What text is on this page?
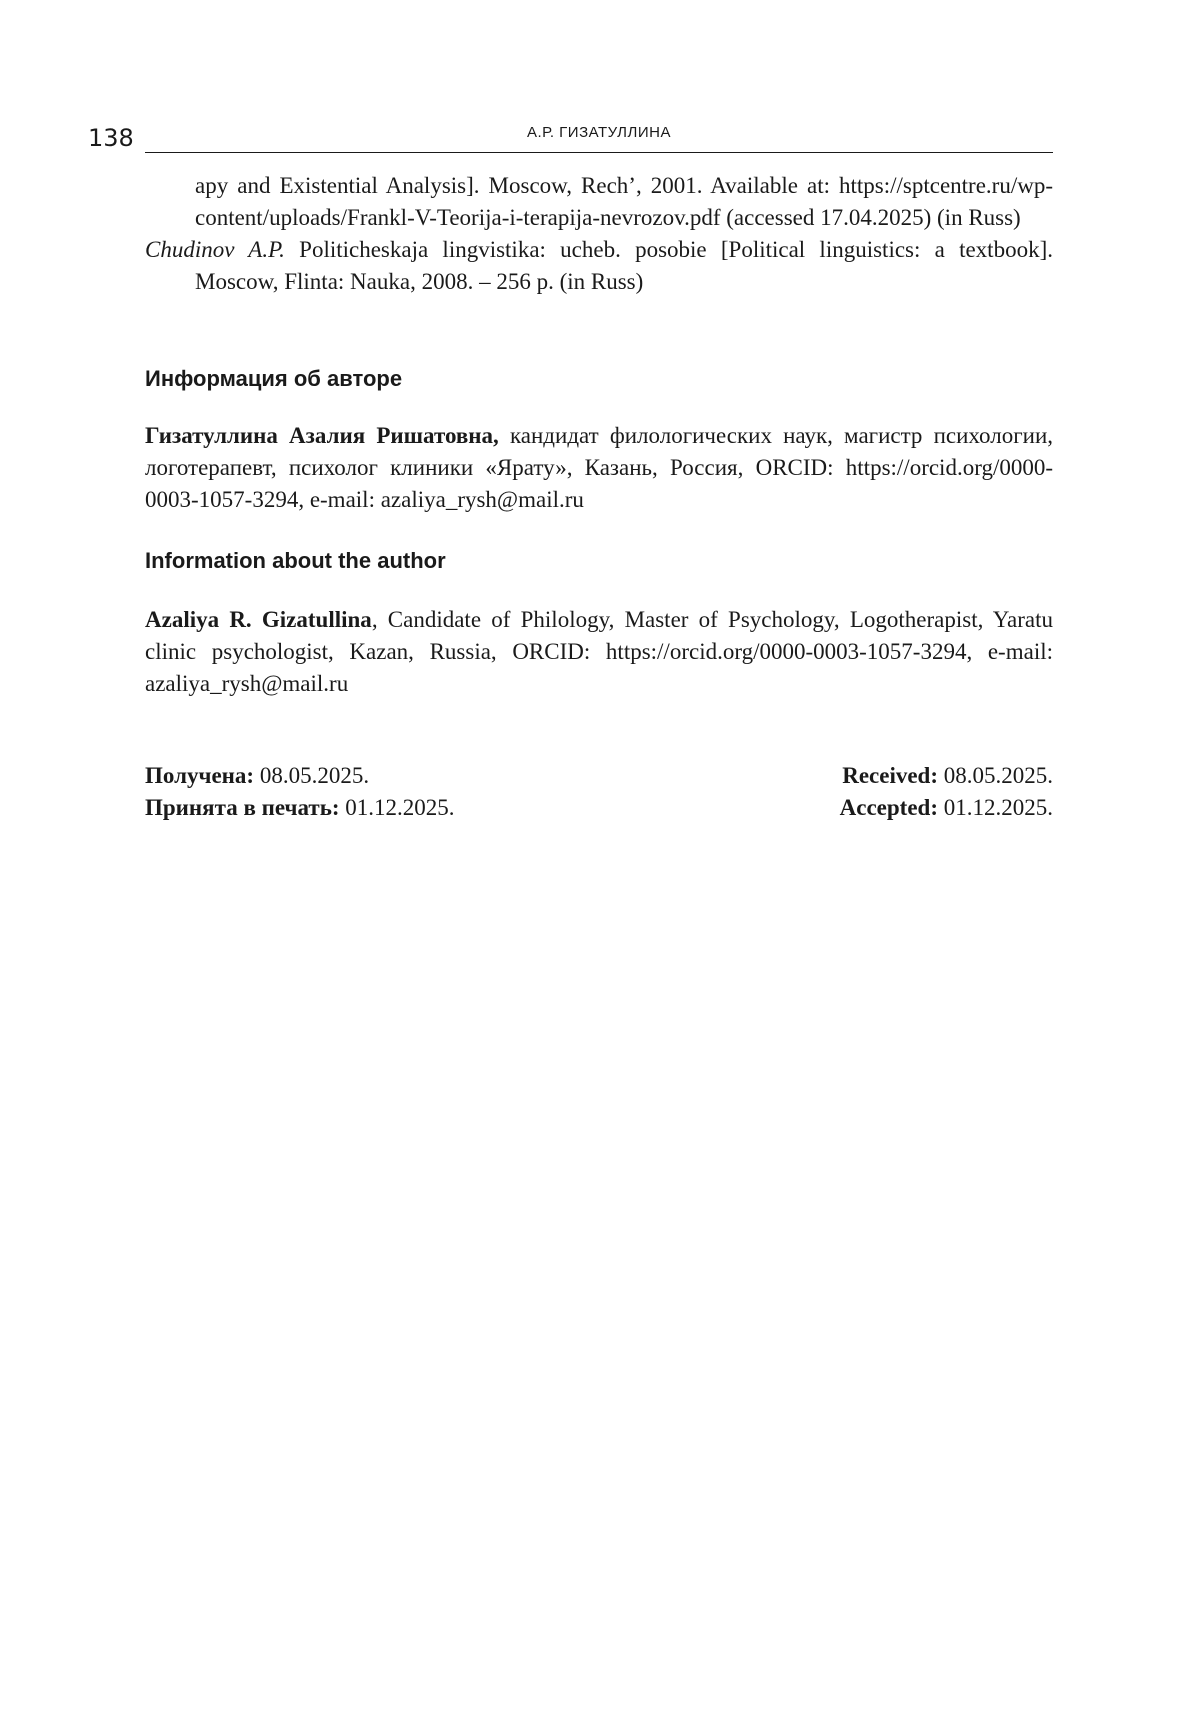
138	А.Р. ГИЗАТУЛЛИНА

apy and Existential Analysis]. Moscow, Rech’, 2001. Available at: https://sptcentre.ru/wp-content/uploads/Frankl-V-Teorija-i-terapija-nevrozov.pdf (accessed 17.04.2025) (in Russ)

Chudinov A.P. Politicheskaja lingvistika: ucheb. posobie [Political linguistics: a textbook]. Moscow, Flinta: Nauka, 2008. – 256 p. (in Russ)

Информация об авторе

Гизатуллина Азалия Ришатовна, кандидат филологических наук, магистр психологии, логотерапевт, психолог клиники «Ярату», Казань, Россия, ORCID: https://orcid.org/0000-0003-1057-3294, e-mail: azaliya_rysh@mail.ru

Information about the author

Azaliya R. Gizatullina, Candidate of Philology, Master of Psychology, Logotherapist, Yaratu clinic psychologist, Kazan, Russia, ORCID: https://orcid.org/0000-0003-1057-3294, e-mail: azaliya_rysh@mail.ru

Получена: 08.05.2025.
Принята в печать: 01.12.2025.
Received: 08.05.2025.
Accepted: 01.12.2025.
